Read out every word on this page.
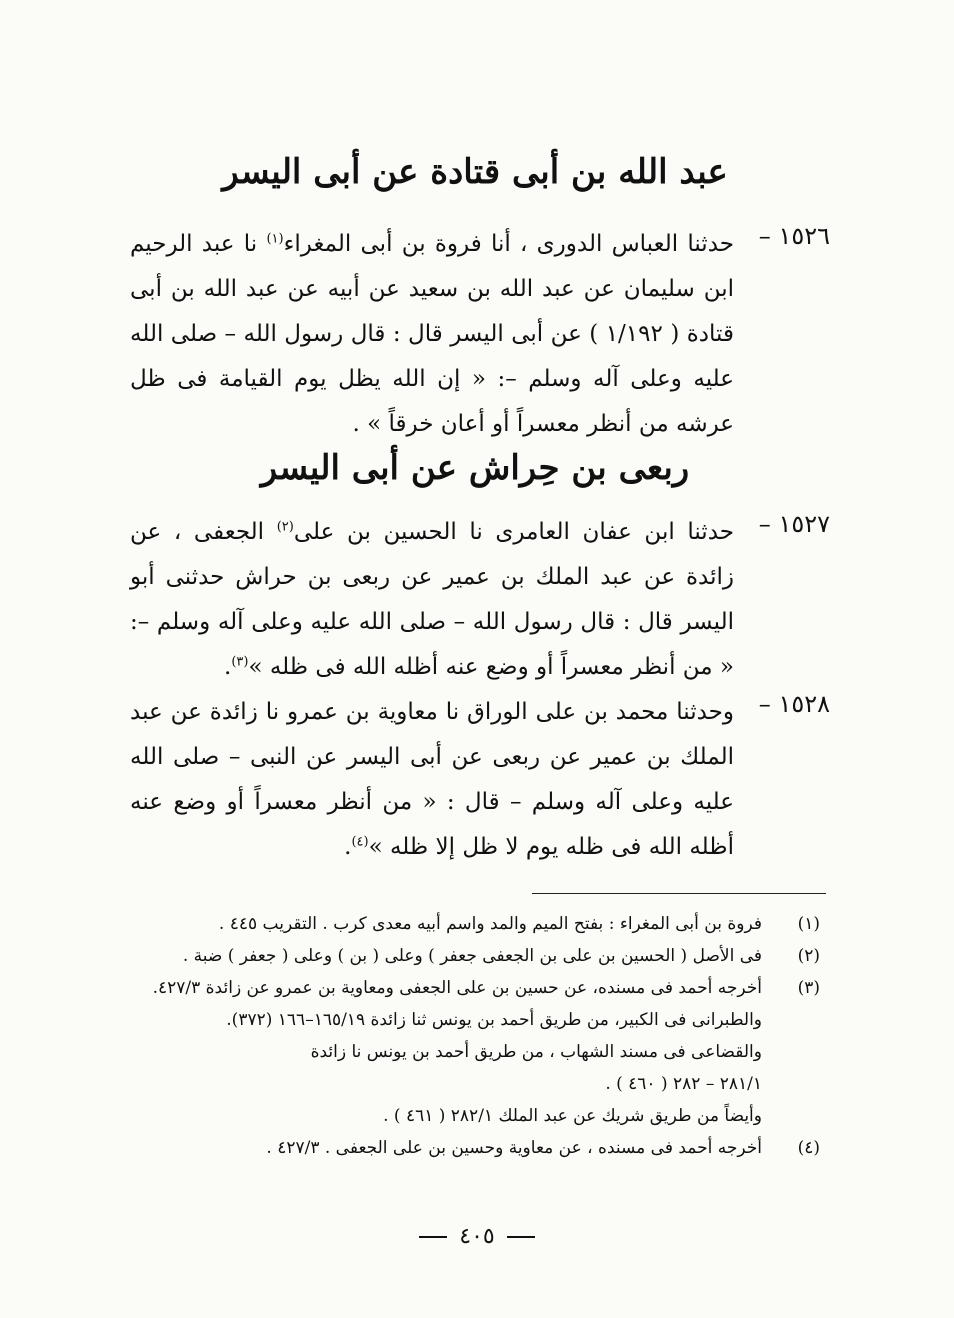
عبد الله بن أبى قتادة عن أبى اليسر
١٥٢٦ –
حدثنا العباس الدورى ، أنا فروة بن أبى المغراء$^{(١)}$ نا عبد الرحيم ابن سليمان عن عبد الله بن سعيد عن أبيه عن عبد الله بن أبى قتادة ( ١/١٩٢ ) عن أبى اليسر قال : قال رسول الله – صلى الله عليه وعلى آله وسلم –: « إن الله يظل يوم القيامة فى ظل عرشه من أنظر معسراً أو أعان خرقاً » .
ربعى بن حِراش عن أبى اليسر
١٥٢٧ –
حدثنا ابن عفان العامرى نا الحسين بن على$^{(٢)}$ الجعفى ، عن زائدة عن عبد الملك بن عمير عن ربعى بن حراش حدثنى أبو اليسر قال : قال رسول الله – صلى الله عليه وعلى آله وسلم –: « من أنظر معسراً أو وضع عنه أظله الله فى ظله »$^{(٣)}$.
١٥٢٨ –
وحدثنا محمد بن على الوراق نا معاوية بن عمرو نا زائدة عن عبد الملك بن عمير عن ربعى عن أبى اليسر عن النبى – صلى الله عليه وعلى آله وسلم – قال : « من أنظر معسراً أو وضع عنه أظله الله فى ظله يوم لا ظل إلا ظله »$^{(٤)}$.
(١)
فروة بن أبى المغراء : بفتح الميم والمد واسم أبيه معدى كرب . التقريب ٤٤٥ .
(٢)
فى الأصل ( الحسين بن على بن الجعفى جعفر ) وعلى ( بن ) وعلى ( جعفر ) ضبة .
(٣)
أخرجه أحمد فى مسنده، عن حسين بن على الجعفى ومعاوية بن عمرو عن زائدة ٤٢٧/٣.
والطبرانى فى الكبير، من طريق أحمد بن يونس ثنا زائدة ١٦٥/١٩–١٦٦ (٣٧٢).
والقضاعى فى مسند الشهاب ، من طريق أحمد بن يونس نا زائدة
٢٨١/١ – ٢٨٢ ( ٤٦٠ ) .
وأيضاً من طريق شريك عن عبد الملك ٢٨٢/١ ( ٤٦١ ) .
(٤)
أخرجه أحمد فى مسنده ، عن معاوية وحسين بن على الجعفى . ٤٢٧/٣ .
٤٠٥
